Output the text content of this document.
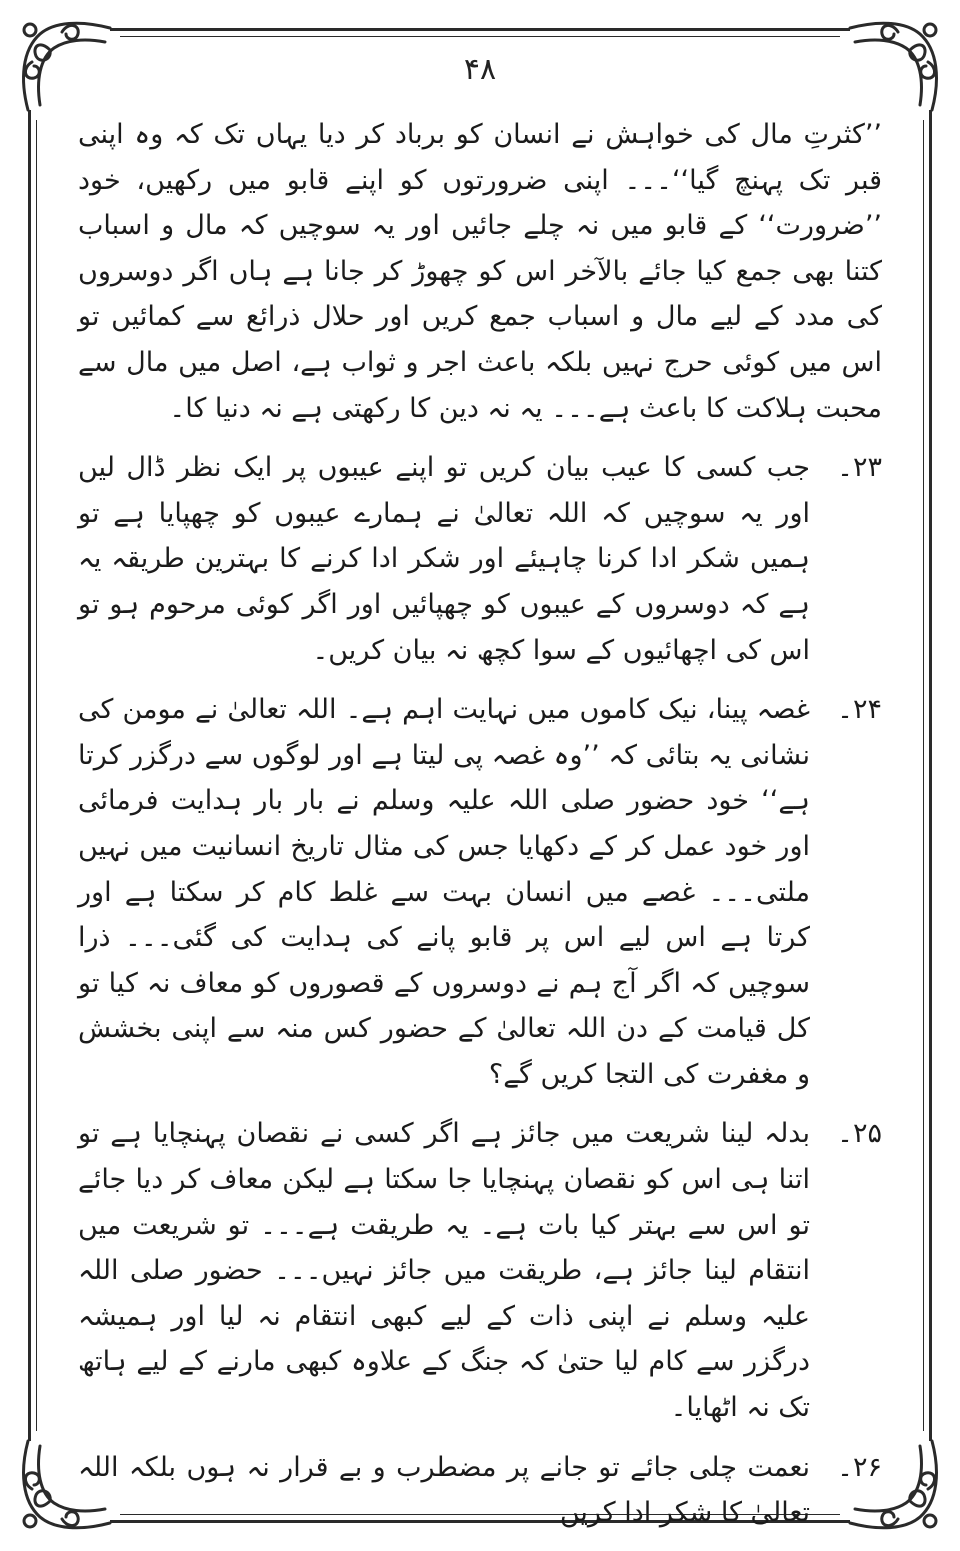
۴۸

’’کثرتِ مال کی خواہش نے انسان کو برباد کر دیا یہاں تک کہ وہ اپنی قبر تک پہنچ گیا‘‘۔۔۔ اپنی ضرورتوں کو اپنے قابو میں رکھیں، خود ’’ضرورت‘‘ کے قابو میں نہ چلے جائیں اور یہ سوچیں کہ مال و اسباب کتنا بھی جمع کیا جائے بالآخر اس کو چھوڑ کر جانا ہے ہاں اگر دوسروں کی مدد کے لیے مال و اسباب جمع کریں اور حلال ذرائع سے کمائیں تو اس میں کوئی حرج نہیں بلکہ باعث اجر و ثواب ہے، اصل میں مال سے محبت ہلاکت کا باعث ہے۔۔۔ یہ نہ دین کا رکھتی ہے نہ دنیا کا۔

۲۳۔
جب کسی کا عیب بیان کریں تو اپنے عیبوں پر ایک نظر ڈال لیں اور یہ سوچیں کہ اللہ تعالیٰ نے ہمارے عیبوں کو چھپایا ہے تو ہمیں شکر ادا کرنا چاہیئے اور شکر ادا کرنے کا بہترین طریقہ یہ ہے کہ دوسروں کے عیبوں کو چھپائیں اور اگر کوئی مرحوم ہو تو اس کی اچھائیوں کے سوا کچھ نہ بیان کریں۔
۲۴۔
غصہ پینا، نیک کاموں میں نہایت اہم ہے۔ اللہ تعالیٰ نے مومن کی نشانی یہ بتائی کہ ’’وہ غصہ پی لیتا ہے اور لوگوں سے درگزر کرتا ہے‘‘ خود حضور صلی اللہ علیہ وسلم نے بار بار ہدایت فرمائی اور خود عمل کر کے دکھایا جس کی مثال تاریخ انسانیت میں نہیں ملتی۔۔۔ غصے میں انسان بہت سے غلط کام کر سکتا ہے اور کرتا ہے اس لیے اس پر قابو پانے کی ہدایت کی گئی۔۔۔ ذرا سوچیں کہ اگر آج ہم نے دوسروں کے قصوروں کو معاف نہ کیا تو کل قیامت کے دن اللہ تعالیٰ کے حضور کس منہ سے اپنی بخشش و مغفرت کی التجا کریں گے؟
۲۵۔
بدلہ لینا شریعت میں جائز ہے اگر کسی نے نقصان پہنچایا ہے تو اتنا ہی اس کو نقصان پہنچایا جا سکتا ہے لیکن معاف کر دیا جائے تو اس سے بہتر کیا بات ہے۔ یہ طریقت ہے۔۔۔ تو شریعت میں انتقام لینا جائز ہے، طریقت میں جائز نہیں۔۔۔ حضور صلی اللہ علیہ وسلم نے اپنی ذات کے لیے کبھی انتقام نہ لیا اور ہمیشہ درگزر سے کام لیا حتیٰ کہ جنگ کے علاوہ کبھی مارنے کے لیے ہاتھ تک نہ اٹھایا۔
۲۶۔
نعمت چلی جائے تو جانے پر مضطرب و بے قرار نہ ہوں بلکہ اللہ تعالیٰ کا شکر ادا کریں
